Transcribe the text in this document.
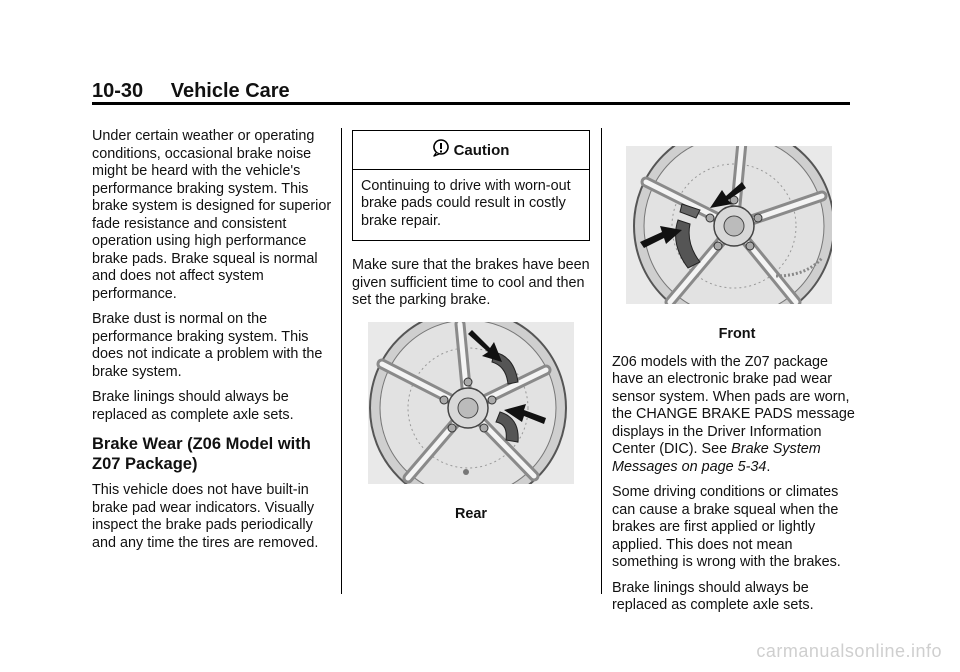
10-30 Vehicle Care

Under certain weather or operating conditions, occasional brake noise might be heard with the vehicle's performance braking system. This brake system is designed for superior fade resistance and consistent operation using high performance brake pads. Brake squeal is normal and does not affect system performance.

Brake dust is normal on the performance braking system. This does not indicate a problem with the brake system.

Brake linings should always be replaced as complete axle sets.

Brake Wear (Z06 Model with Z07 Package)

This vehicle does not have built-in brake pad wear indicators. Visually inspect the brake pads periodically and any time the tires are removed.

Caution
Continuing to drive with worn-out brake pads could result in costly brake repair.

Make sure that the brakes have been given sufficient time to cool and then set the parking brake.

Rear
Front

Z06 models with the Z07 package have an electronic brake pad wear sensor system. When pads are worn, the CHANGE BRAKE PADS message displays in the Driver Information Center (DIC). See Brake System Messages on page 5-34.

Some driving conditions or climates can cause a brake squeal when the brakes are first applied or lightly applied. This does not mean something is wrong with the brakes.

Brake linings should always be replaced as complete axle sets.

carmanualsonline.info
